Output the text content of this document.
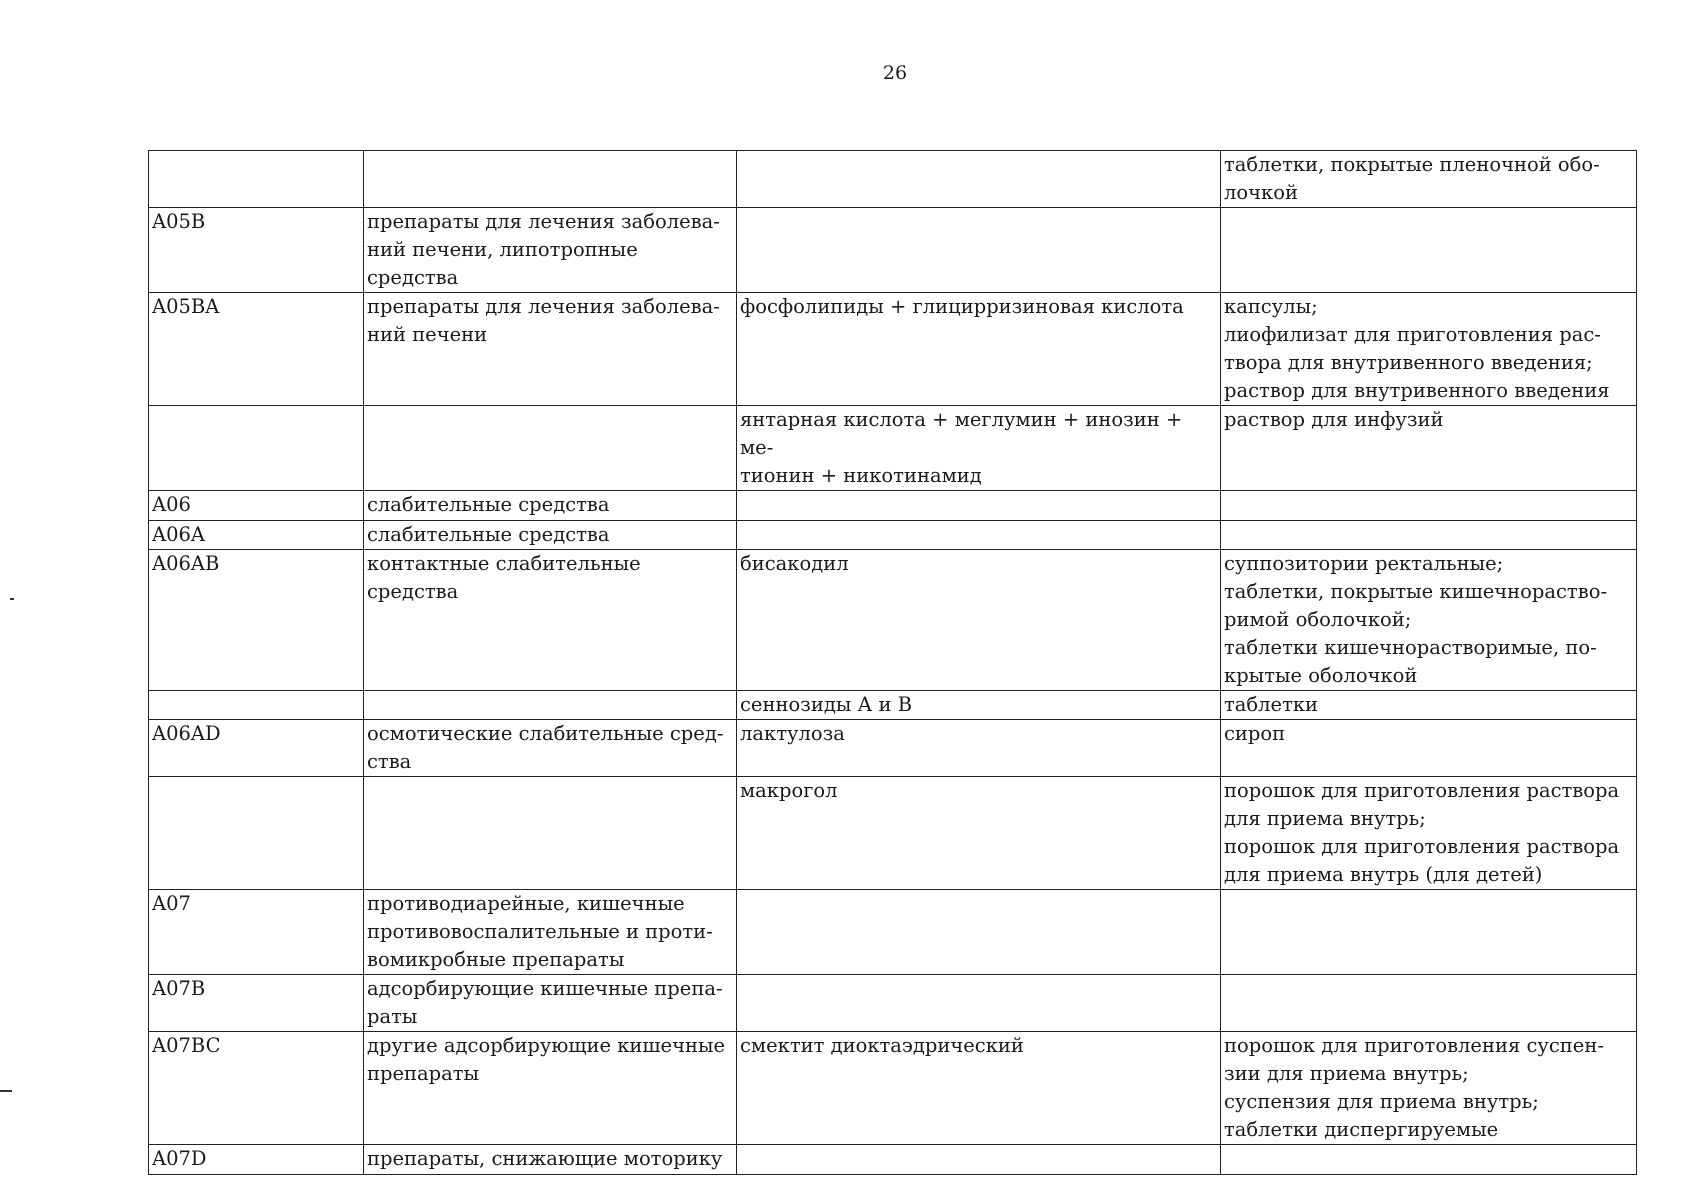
26

			таблетки, покрытые пленочной обо-
лочкой

A05B	препараты для лечения заболева-
ний печени, липотропные средства		

A05BA	препараты для лечения заболева-
ний печени	фосфолипиды + глицирризиновая кислота	капсулы;
лиофилизат для приготовления рас-
твора для внутривенного введения;
раствор для внутривенного введения

		янтарная кислота + меглумин + инозин + ме-
тионин + никотинамид	раствор для инфузий

A06	слабительные средства		

A06A	слабительные средства		

A06AB	контактные слабительные средства	бисакодил	суппозитории ректальные;
таблетки, покрытые кишечнораство-
римой оболочкой;
таблетки кишечнорастворимые, по-
крытые оболочкой

		сеннозиды А и В	таблетки

A06AD	осмотические слабительные сред-
ства	лактулоза	сироп

		макрогол	порошок для приготовления раствора
для приема внутрь;
порошок для приготовления раствора
для приема внутрь (для детей)

A07	противодиарейные, кишечные
противовоспалительные и проти-
вомикробные препараты		

A07B	адсорбирующие кишечные препа-
раты		

A07BC	другие адсорбирующие кишечные
препараты	смектит диоктаэдрический	порошок для приготовления суспен-
зии для приема внутрь;
суспензия для приема внутрь;
таблетки диспергируемые

A07D	препараты, снижающие моторику		
